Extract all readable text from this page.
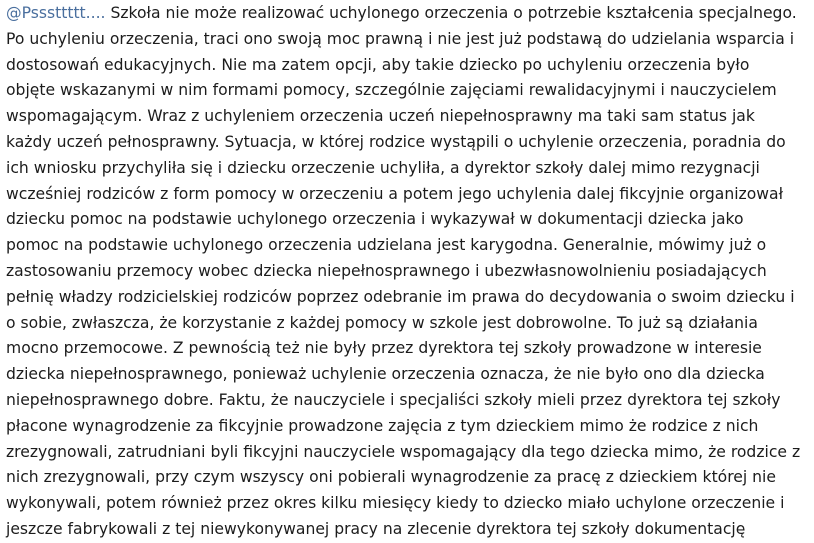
@Psssttttt.... Szkoła nie może realizować uchylonego orzeczenia o potrzebie kształcenia specjalnego.
Po uchyleniu orzeczenia, traci ono swoją moc prawną i nie jest już podstawą do udzielania wsparcia i
dostosowań edukacyjnych. Nie ma zatem opcji, aby takie dziecko po uchyleniu orzeczenia było
objęte wskazanymi w nim formami pomocy, szczególnie zajęciami rewalidacyjnymi i nauczycielem
wspomagającym. Wraz z uchyleniem orzeczenia uczeń niepełnosprawny ma taki sam status jak
każdy uczeń pełnosprawny. Sytuacja, w której rodzice wystąpili o uchylenie orzeczenia, poradnia do
ich wniosku przychyliła się i dziecku orzeczenie uchyliła, a dyrektor szkoły dalej mimo rezygnacji
wcześniej rodziców z form pomocy w orzeczeniu a potem jego uchylenia dalej fikcyjnie organizował
dziecku pomoc na podstawie uchylonego orzeczenia i wykazywał w dokumentacji dziecka jako
pomoc na podstawie uchylonego orzeczenia udzielana jest karygodna. Generalnie, mówimy już o
zastosowaniu przemocy wobec dziecka niepełnosprawnego i ubezwłasnowolnieniu posiadających
pełnię władzy rodzicielskiej rodziców poprzez odebranie im prawa do decydowania o swoim dziecku i
o sobie, zwłaszcza, że korzystanie z każdej pomocy w szkole jest dobrowolne. To już są działania
mocno przemocowe. Z pewnością też nie były przez dyrektora tej szkoły prowadzone w interesie
dziecka niepełnosprawnego, ponieważ uchylenie orzeczenia oznacza, że nie było ono dla dziecka
niepełnosprawnego dobre. Faktu, że nauczyciele i specjaliści szkoły mieli przez dyrektora tej szkoły
płacone wynagrodzenie za fikcyjnie prowadzone zajęcia z tym dzieckiem mimo że rodzice z nich
zrezygnowali, zatrudniani byli fikcyjni nauczyciele wspomagający dla tego dziecka mimo, że rodzice z
nich zrezygnowali, przy czym wszyscy oni pobierali wynagrodzenie za pracę z dzieckiem której nie
wykonywali, potem również przez okres kilku miesięcy kiedy to dziecko miało uchylone orzeczenie i
jeszcze fabrykowali z tej niewykonywanej pracy na zlecenie dyrektora tej szkoły dokumentację
